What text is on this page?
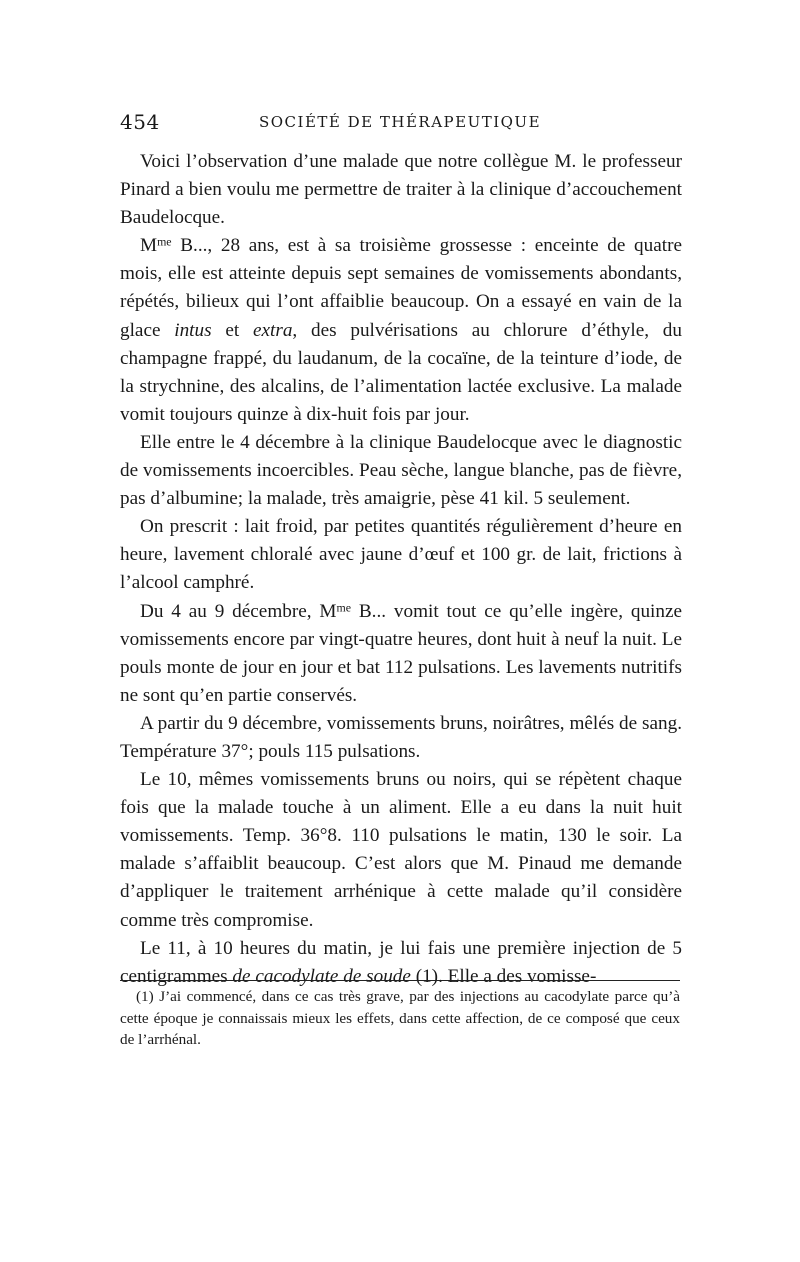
454	SOCIÉTÉ DE THÉRAPEUTIQUE

Voici l’observation d’une malade que notre collègue M. le professeur Pinard a bien voulu me permettre de traiter à la clinique d’accouchement Baudelocque.

$M^{me}$ B..., 28 ans, est à sa troisième grossesse : enceinte de quatre mois, elle est atteinte depuis sept semaines de vomissements abondants, répétés, bilieux qui l’ont affaiblie beaucoup. On a essayé en vain de la glace intus et extra, des pulvérisations au chlorure d’éthyle, du champagne frappé, du laudanum, de la cocaïne, de la teinture d’iode, de la strychnine, des alcalins, de l’alimentation lactée exclusive. La malade vomit toujours quinze à dix-huit fois par jour.

Elle entre le 4 décembre à la clinique Baudelocque avec le diagnostic de vomissements incoercibles. Peau sèche, langue blanche, pas de fièvre, pas d’albumine; la malade, très amaigrie, pèse 41 kil. 5 seulement.

On prescrit : lait froid, par petites quantités régulièrement d’heure en heure, lavement chloralé avec jaune d’œuf et 100 gr. de lait, frictions à l’alcool camphré.

Du 4 au 9 décembre, $M^{me}$ B... vomit tout ce qu’elle ingère, quinze vomissements encore par vingt-quatre heures, dont huit à neuf la nuit. Le pouls monte de jour en jour et bat 112 pulsations. Les lavements nutritifs ne sont qu’en partie conservés.

A partir du 9 décembre, vomissements bruns, noirâtres, mêlés de sang. Température 37°; pouls 115 pulsations.

Le 10, mêmes vomissements bruns ou noirs, qui se répètent chaque fois que la malade touche à un aliment. Elle a eu dans la nuit huit vomissements. Temp. 36°8. 110 pulsations le matin, 130 le soir. La malade s’affaiblit beaucoup. C’est alors que M. Pinaud me demande d’appliquer le traitement arrhénique à cette malade qu’il considère comme très compromise.

Le 11, à 10 heures du matin, je lui fais une première injection de 5 centigrammes de cacodylate de soude (1). Elle a des vomisse-

(1) J’ai commencé, dans ce cas très grave, par des injections au cacodylate parce qu’à cette époque je connaissais mieux les effets, dans cette affection, de ce composé que ceux de l’arrhénal.
